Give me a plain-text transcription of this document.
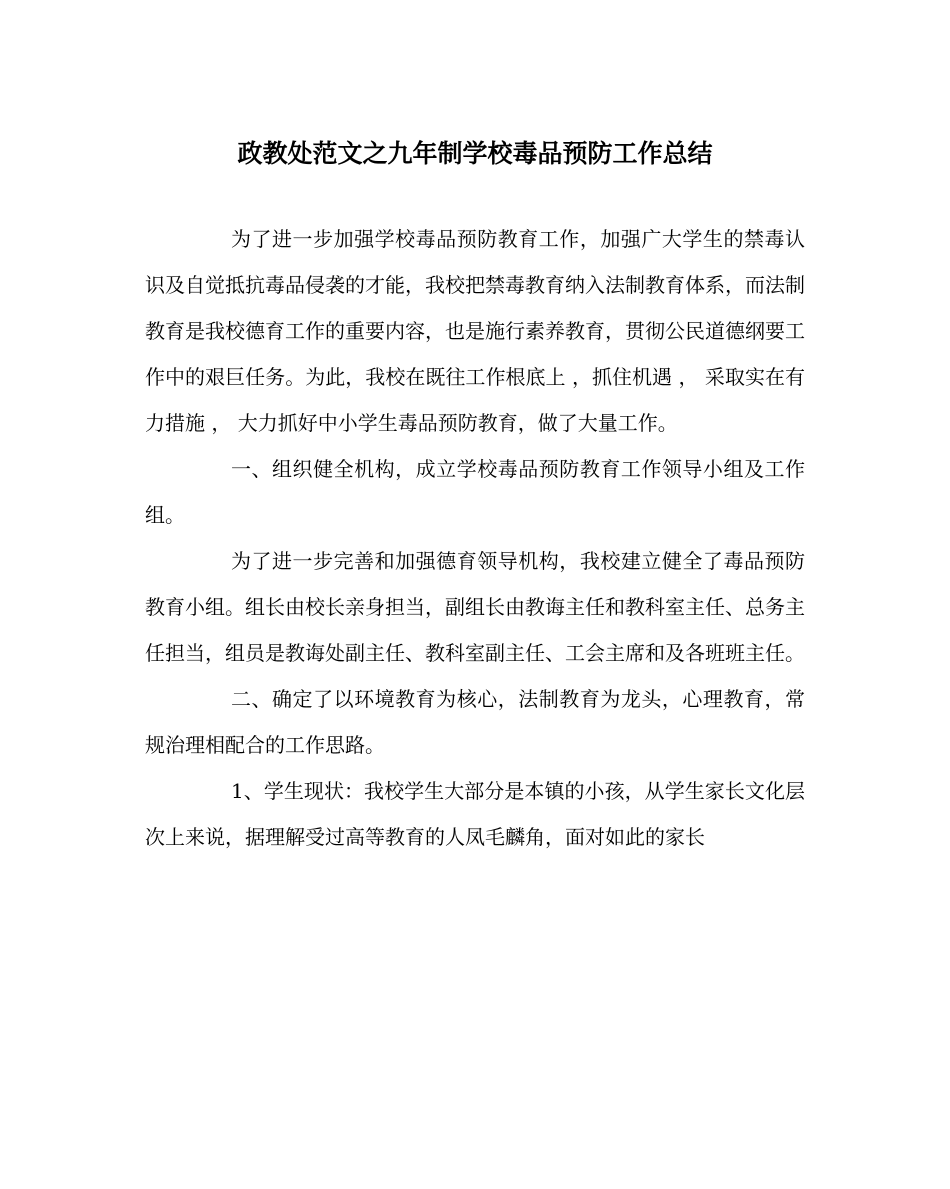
政教处范文之九年制学校毒品预防工作总结

为了进一步加强学校毒品预防教育工作，加强广大学生的禁毒认识及自觉抵抗毒品侵袭的才能，我校把禁毒教育纳入法制教育体系，而法制教育是我校德育工作的重要内容，也是施行素养教育，贯彻公民道德纲要工作中的艰巨任务。为此，我校在既往工作根底上 ，抓住机遇 ， 采取实在有力措施 ， 大力抓好中小学生毒品预防教育，做了大量工作。

一、组织健全机构，成立学校毒品预防教育工作领导小组及工作组。

为了进一步完善和加强德育领导机构，我校建立健全了毒品预防教育小组。组长由校长亲身担当，副组长由教诲主任和教科室主任、总务主任担当，组员是教诲处副主任、教科室副主任、工会主席和及各班班主任。

二、确定了以环境教育为核心，法制教育为龙头，心理教育，常规治理相配合的工作思路。

1、学生现状：我校学生大部分是本镇的小孩，从学生家长文化层次上来说，据理解受过高等教育的人凤毛麟角，面对如此的家长
